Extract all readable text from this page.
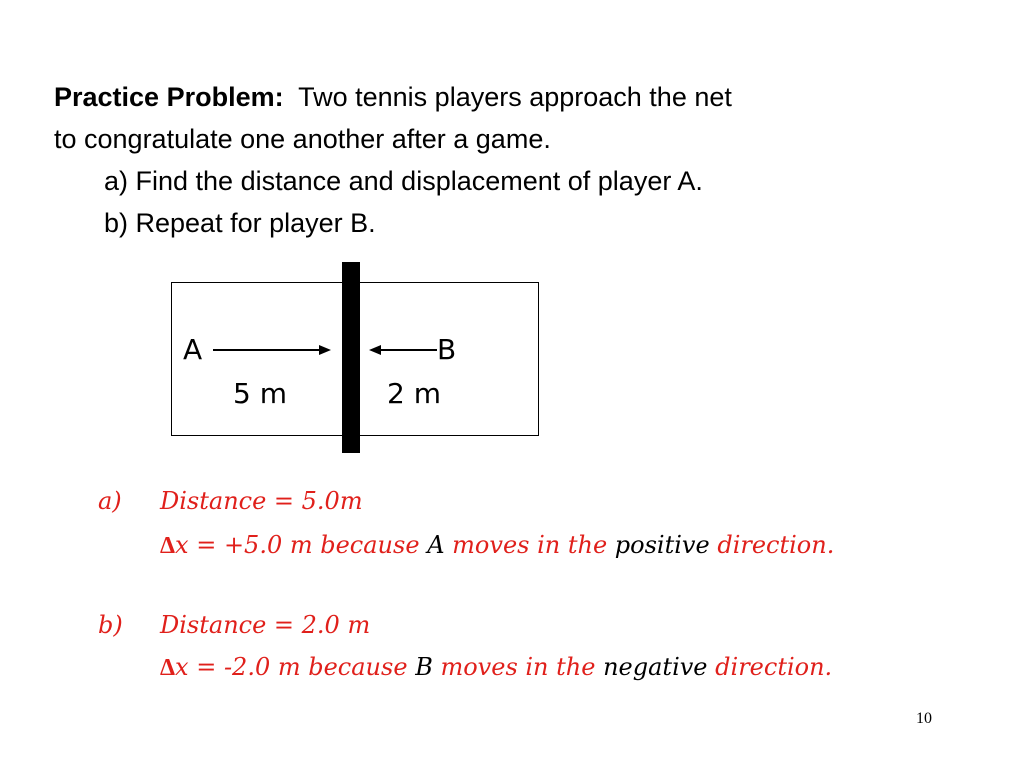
Practice Problem: Two tennis players approach the net
to congratulate one another after a game.
a) Find the distance and displacement of player A.
b) Repeat for player B.
A	B
5 m	2 m
a) Distance = 5.0m
Δx = +5.0 m because A moves in the positive direction.
b) Distance = 2.0 m
Δx = -2.0 m because B moves in the negative direction.
10
